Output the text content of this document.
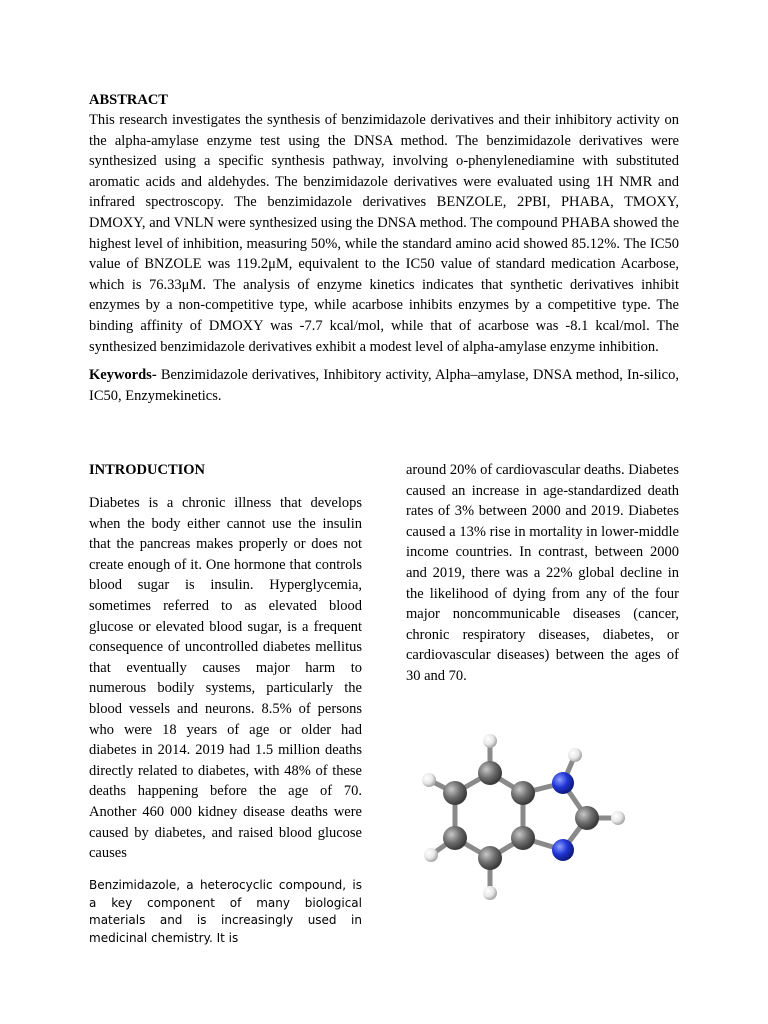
ABSTRACT

This research investigates the synthesis of benzimidazole derivatives and their inhibitory activity on the alpha-amylase enzyme test using the DNSA method. The benzimidazole derivatives were synthesized using a specific synthesis pathway, involving o-phenylenediamine with substituted aromatic acids and aldehydes. The benzimidazole derivatives were evaluated using 1H NMR and infrared spectroscopy. The benzimidazole derivatives BENZOLE, 2PBI, PHABA, TMOXY, DMOXY, and VNLN were synthesized using the DNSA method. The compound PHABA showed the highest level of inhibition, measuring 50%, while the standard amino acid showed 85.12%. The IC50 value of BNZOLE was 119.2μM, equivalent to the IC50 value of standard medication Acarbose, which is 76.33μM. The analysis of enzyme kinetics indicates that synthetic derivatives inhibit enzymes by a non-competitive type, while acarbose inhibits enzymes by a competitive type. The binding affinity of DMOXY was -7.7 kcal/mol, while that of acarbose was -8.1 kcal/mol. The synthesized benzimidazole derivatives exhibit a modest level of alpha-amylase enzyme inhibition.

Keywords- Benzimidazole derivatives, Inhibitory activity, Alpha–amylase, DNSA method, In-silico, IC50, Enzymekinetics.

INTRODUCTION

Diabetes is a chronic illness that develops when the body either cannot use the insulin that the pancreas makes properly or does not create enough of it. One hormone that controls blood sugar is insulin. Hyperglycemia, sometimes referred to as elevated blood glucose or elevated blood sugar, is a frequent consequence of uncontrolled diabetes mellitus that eventually causes major harm to numerous bodily systems, particularly the blood vessels and neurons. 8.5% of persons who were 18 years of age or older had diabetes in 2014. 2019 had 1.5 million deaths directly related to diabetes, with 48% of these deaths happening before the age of 70. Another 460 000 kidney disease deaths were caused by diabetes, and raised blood glucose causes

around 20% of cardiovascular deaths. Diabetes caused an increase in age-standardized death rates of 3% between 2000 and 2019. Diabetes caused a 13% rise in mortality in lower-middle income countries. In contrast, between 2000 and 2019, there was a 22% global decline in the likelihood of dying from any of the four major noncommunicable diseases (cancer, chronic respiratory diseases, diabetes, or cardiovascular diseases) between the ages of 30 and 70.

Benzimidazole, a heterocyclic compound, is a key component of many biological materials and is increasingly used in medicinal chemistry. It is
